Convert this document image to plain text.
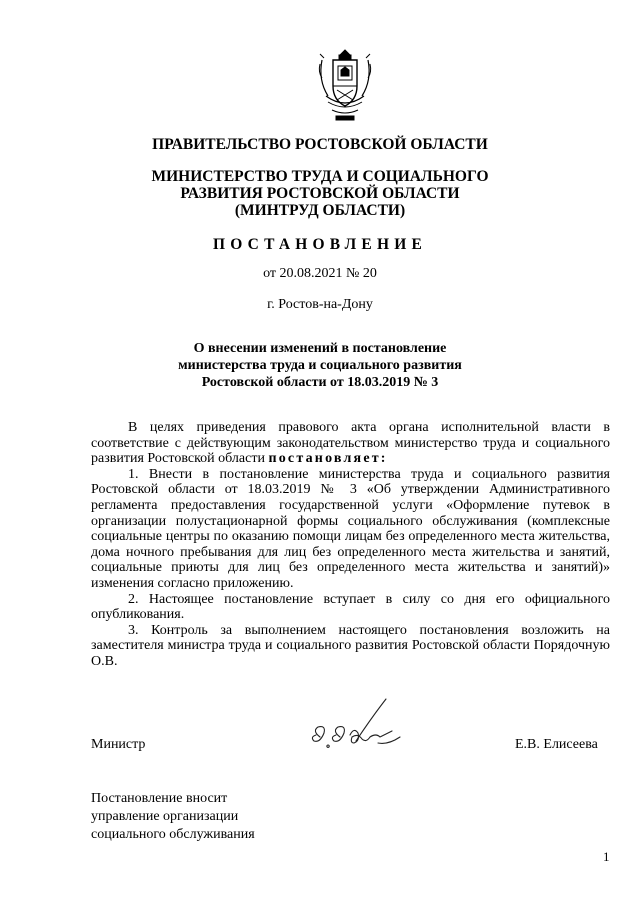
ПРАВИТЕЛЬСТВО РОСТОВСКОЙ ОБЛАСТИ
МИНИСТЕРСТВО ТРУДА И СОЦИАЛЬНОГО
РАЗВИТИЯ РОСТОВСКОЙ ОБЛАСТИ
(МИНТРУД ОБЛАСТИ)
ПОСТАНОВЛЕНИЕ
от 20.08.2021 № 20
г. Ростов-на-Дону
О внесении изменений в постановление
министерства труда и социального развития
Ростовской области от 18.03.2019 № 3

В целях приведения правового акта органа исполнительной власти в соответствие с действующим законодательством министерство труда и социального развития Ростовской области постановляет:

1. Внести в постановление министерства труда и социального развития Ростовской области от 18.03.2019 № 3 «Об утверждении Административного регламента предоставления государственной услуги «Оформление путевок в организации полустационарной формы социального обслуживания (комплексные социальные центры по оказанию помощи лицам без определенного места жительства, дома ночного пребывания для лиц без определенного места жительства и занятий, социальные приюты для лиц без определенного места жительства и занятий)» изменения согласно приложению.

2. Настоящее постановление вступает в силу со дня его официального опубликования.

3. Контроль за выполнением настоящего постановления возложить на заместителя министра труда и социального развития Ростовской области Порядочную О.В.

Министр	Е.В. Елисеева
Постановление вносит
управление организации
социального обслуживания
1
